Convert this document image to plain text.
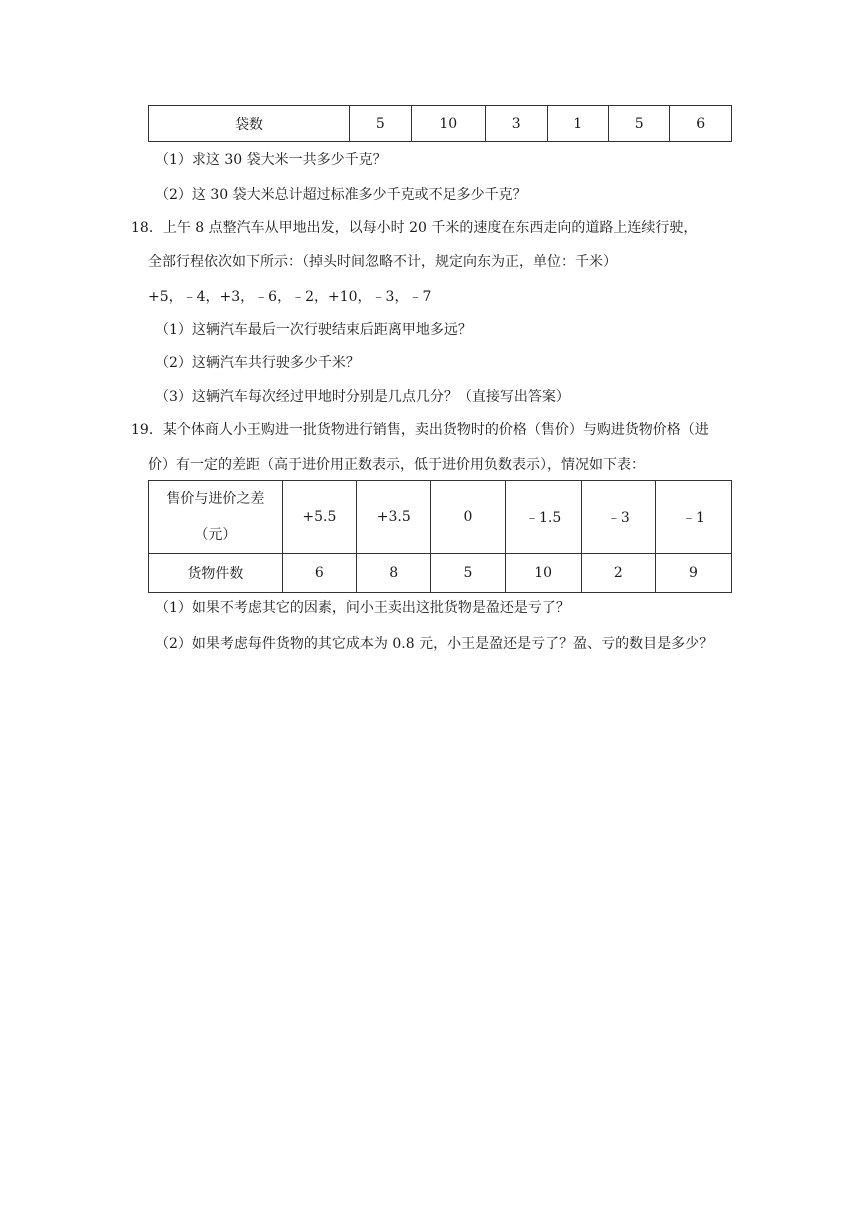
袋数	5	10	3	1	5	6
（1）求这 30 袋大米一共多少千克？
（2）这 30 袋大米总计超过标准多少千克或不足多少千克？
18．上午 8 点整汽车从甲地出发，以每小时 20 千米的速度在东西走向的道路上连续行驶，
全部行程依次如下所示：（掉头时间忽略不计，规定向东为正，单位：千米）
+5，﹣4，+3，﹣6，﹣2，+10，﹣3，﹣7
（1）这辆汽车最后一次行驶结束后距离甲地多远？
（2）这辆汽车共行驶多少千米？
（3）这辆汽车每次经过甲地时分别是几点几分？（直接写出答案）
19．某个体商人小王购进一批货物进行销售，卖出货物时的价格（售价）与购进货物价格（进
价）有一定的差距（高于进价用正数表示，低于进价用负数表示），情况如下表：
售价与进价之差
（元）	+5.5	+3.5	0	﹣1.5	﹣3	﹣1
货物件数	6	8	5	10	2	9
（1）如果不考虑其它的因素，问小王卖出这批货物是盈还是亏了？
（2）如果考虑每件货物的其它成本为 0.8 元，小王是盈还是亏了？盈、亏的数目是多少？
